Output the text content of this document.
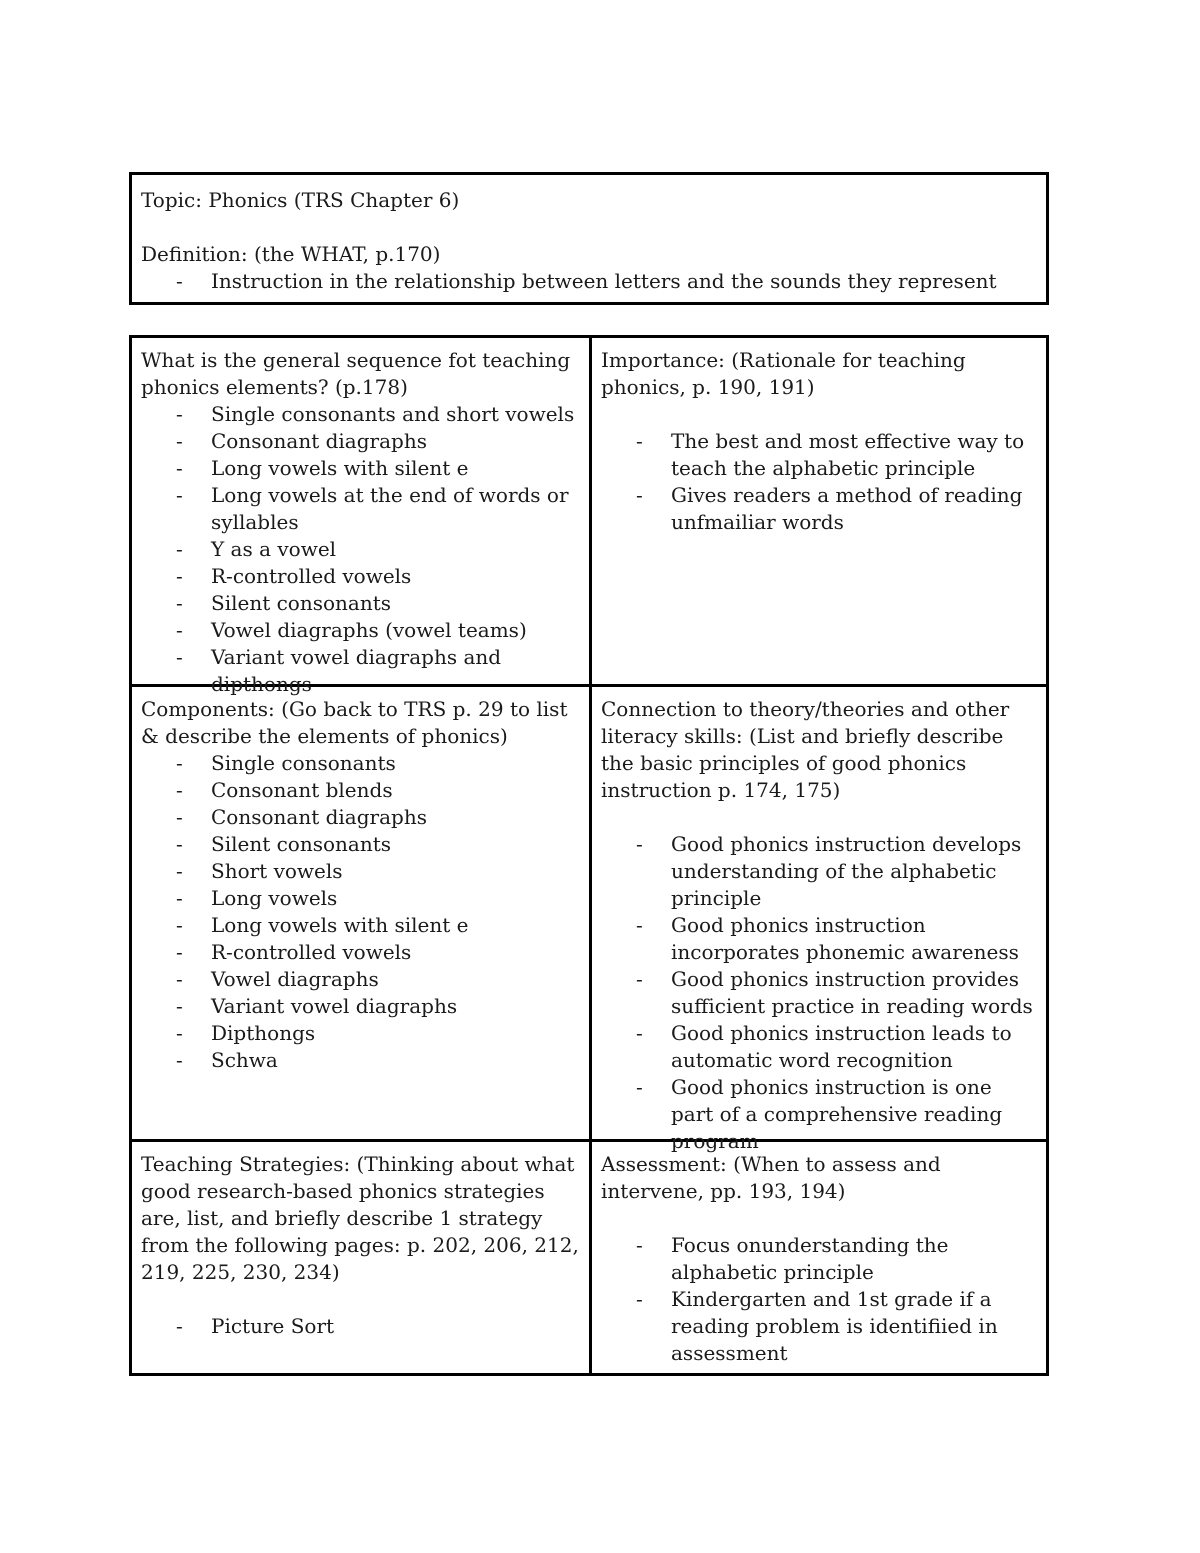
Topic: Phonics (TRS Chapter 6)

Definition: (the WHAT, p.170)

- Instruction in the relationship between letters and the sounds they represent

What is the general sequence fot teaching phonics elements? (p.178)

- Single consonants and short vowels
- Consonant diagraphs
- Long vowels with silent e
- Long vowels at the end of words or syllables
- Y as a vowel
- R-controlled vowels
- Silent consonants
- Vowel diagraphs (vowel teams)
- Variant vowel diagraphs and dipthongs

Importance: (Rationale for teaching phonics, p. 190, 191)

- The best and most effective way to teach the alphabetic principle
- Gives readers a method of reading unfmailiar words

Components: (Go back to TRS p. 29 to list & describe the elements of phonics)

- Single consonants
- Consonant blends
- Consonant diagraphs
- Silent consonants
- Short vowels
- Long vowels
- Long vowels with silent e
- R-controlled vowels
- Vowel diagraphs
- Variant vowel diagraphs
- Dipthongs
- Schwa

Connection to theory/theories and other literacy skills: (List and briefly describe the basic principles of good phonics instruction p. 174, 175)

- Good phonics instruction develops understanding of the alphabetic principle
- Good phonics instruction incorporates phonemic awareness
- Good phonics instruction provides sufficient practice in reading words
- Good phonics instruction leads to automatic word recognition
- Good phonics instruction is one part of a comprehensive reading program

Teaching Strategies: (Thinking about what good research-based phonics strategies are, list, and briefly describe 1 strategy from the following pages: p. 202, 206, 212, 219, 225, 230, 234)

- Picture Sort

Assessment: (When to assess and intervene, pp. 193, 194)

- Focus onunderstanding the alphabetic principle
- Kindergarten and 1st grade if a reading problem is identifiied in assessment
